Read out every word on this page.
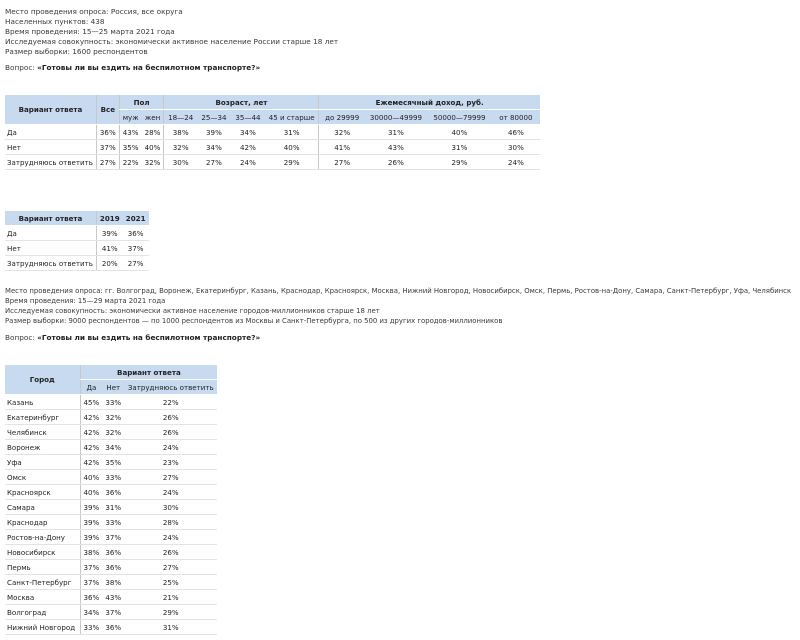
Место проведения опроса: Россия, все округа
Населенных пунктов: 438
Время проведения: 15—25 марта 2021 года
Исследуемая совокупность: экономически активное население России старше 18 лет
Размер выборки: 1600 респондентов
Вопрос: «Готовы ли вы ездить на беспилотном транспорте?»
Вариант ответа	Все	Пол		Возраст, лет				Ежемесячный доход, руб.			
		муж	жен	18—24	25—34	35—44	45 и старше	до 29999	30000—49999	50000—79999	от 80000
Да	36%	43%	28%	38%	39%	34%	31%	32%	31%	40%	46%
Нет	37%	35%	40%	32%	34%	42%	40%	41%	43%	31%	30%
Затрудняюсь ответить	27%	22%	32%	30%	27%	24%	29%	27%	26%	29%	24%
Вариант ответа	2019	2021
Да	39%	36%
Нет	41%	37%
Затрудняюсь ответить	20%	27%
Место проведения опроса: гг. Волгоград, Воронеж, Екатеринбург, Казань, Краснодар, Красноярск, Москва, Нижний Новгород, Новосибирск, Омск, Пермь, Ростов-на-Дону, Самара, Санкт-Петербург, Уфа, Челябинск
Время проведения: 15—29 марта 2021 года
Исследуемая совокупность: экономически активное население городов-миллионников старше 18 лет
Размер выборки: 9000 респондентов — по 1000 респондентов из Москвы и Санкт-Петербурга, по 500 из других городов-миллионников
Вопрос: «Готовы ли вы ездить на беспилотном транспорте?»
Город	Вариант ответа		
	Да	Нет	Затрудняюсь ответить
Казань	45%	33%	22%
Екатеринбург	42%	32%	26%
Челябинск	42%	32%	26%
Воронеж	42%	34%	24%
Уфа	42%	35%	23%
Омск	40%	33%	27%
Красноярск	40%	36%	24%
Самара	39%	31%	30%
Краснодар	39%	33%	28%
Ростов-на-Дону	39%	37%	24%
Новосибирск	38%	36%	26%
Пермь	37%	36%	27%
Санкт-Петербург	37%	38%	25%
Москва	36%	43%	21%
Волгоград	34%	37%	29%
Нижний Новгород	33%	36%	31%
